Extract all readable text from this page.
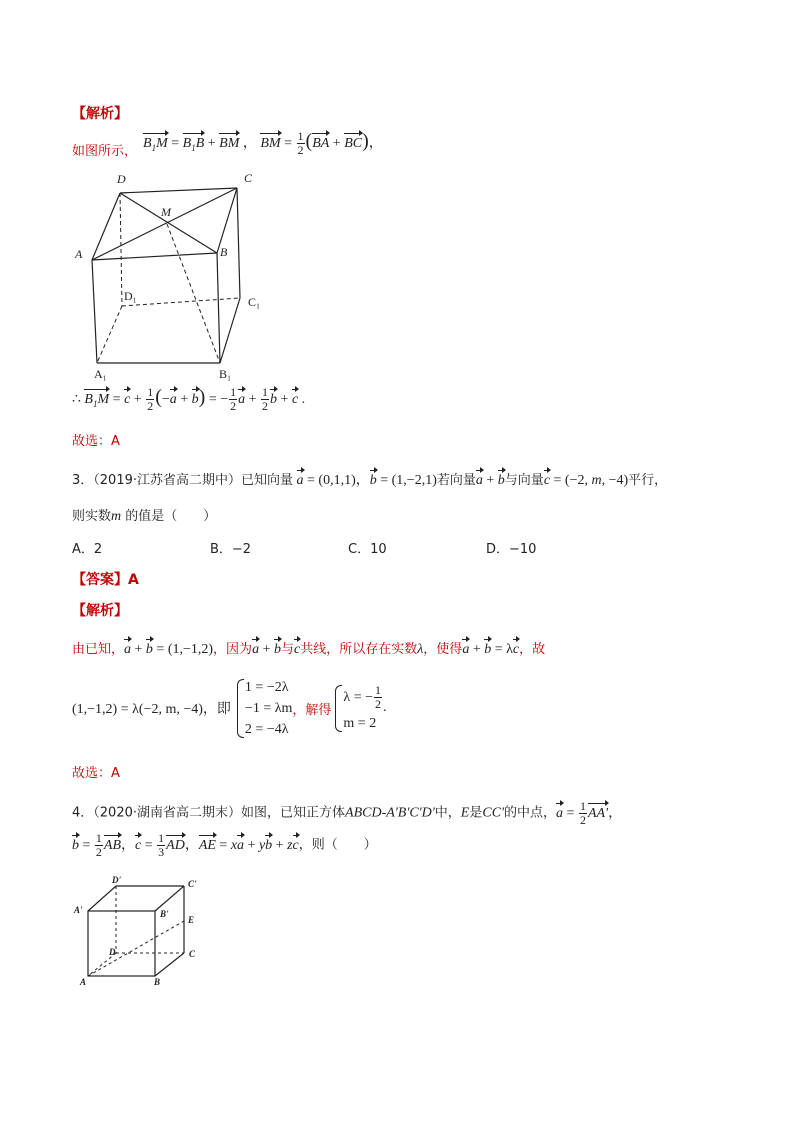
【解析】
如图所示，
$B_1M = B_1B$ + BM ， BM = $\frac{1}{2} (BA + BC)$，
D	C
M
A	B
D₁	C₁
A₁	B₁
∴ $B_1M = c + \frac{1}{2} (-a + b)$ = − $\frac{1}{2}$ $a + \frac{1}{2}$ b + c .
故选：A
3．（2019·江苏省高二期中）已知向量 a = (0,1,1)，b = (1,−2,1)若向量a + b与向量c = (−2, m, −4)平行，
则实数m 的值是（　　）
A．2	B．−2	C．10	D．−10
【答案】A
【解析】
由已知，a + b = (1,−1,2)，因为a + b与c共线，所以存在实数λ，使得a + b = λc，故
(1,−1,2) = λ(−2, m, −4)，即
1 = −2λ
−1 = λm
2 = −4λ
，解得
λ = − $\frac{1}{2}$
m = 2
.
故选：A
4．（2020·湖南省高二期末）如图，已知正方体ABCD-A'B'C'D'中，E是CC'的中点，$a = \frac{1}{2} AA'$，
$b = \frac{1}{2}$ AB，$c = \frac{1}{3}$ AD，AE = xa + yb + zc，则（　　）
D'	C'
A'	B'
E
D	C
A	B
